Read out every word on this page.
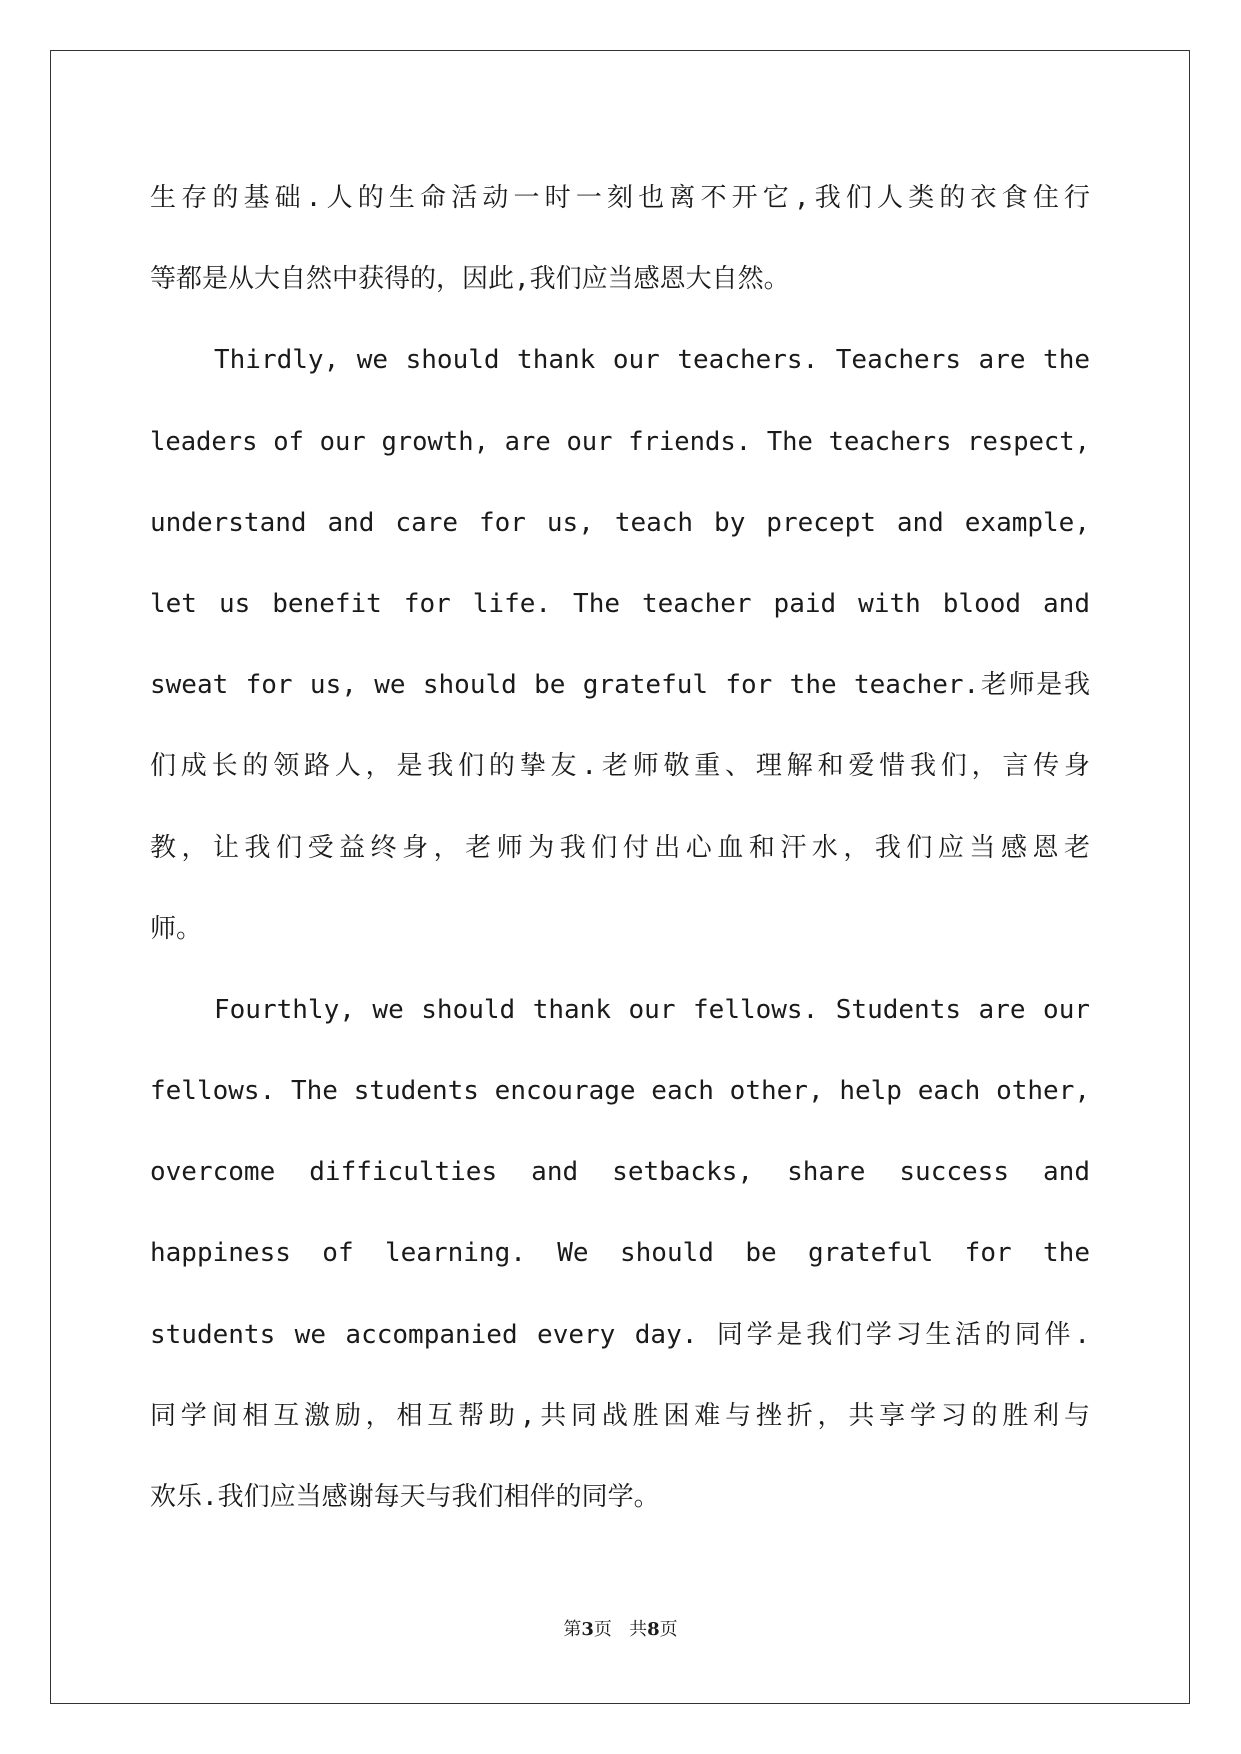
生存的基础.人的生命活动一时一刻也离不开它,我们人类的衣食住行
等都是从大自然中获得的，因此,我们应当感恩大自然。
Thirdly, we should thank our teachers. Teachers are the
leaders of our growth, are our friends. The teachers respect,
understand and care for us, teach by precept and example,
let us benefit for life. The teacher paid with blood and
sweat for us, we should be grateful for the teacher.老师是我
们成长的领路人，是我们的挚友.老师敬重、理解和爱惜我们，言传身
教，让我们受益终身，老师为我们付出心血和汗水，我们应当感恩老
师。
Fourthly, we should thank our fellows. Students are our
fellows. The students encourage each other, help each other,
overcome difficulties and setbacks, share success and
happiness of learning. We should be grateful for the
students we accompanied every day. 同学是我们学习生活的同伴.
同学间相互激励，相互帮助,共同战胜困难与挫折，共享学习的胜利与
欢乐.我们应当感谢每天与我们相伴的同学。
第3页 共8页
